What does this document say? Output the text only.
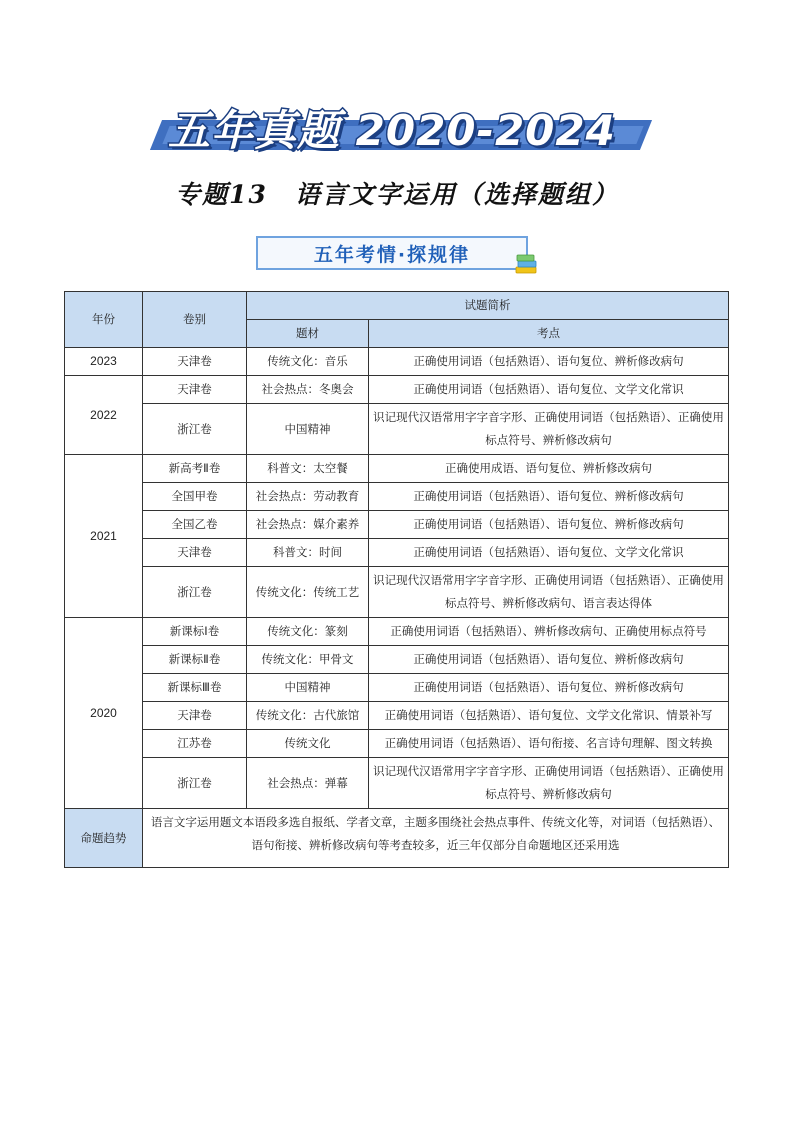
五年真题 2020-2024
专题13　语言文字运用（选择题组）
五年考情·探规律
年份	卷别	试题简析	
		题材	考点
2023	天津卷	传统文化：音乐	正确使用词语（包括熟语）、语句复位、辨析修改病句
2022	天津卷	社会热点：冬奥会	正确使用词语（包括熟语）、语句复位、文学文化常识
	浙江卷	中国精神	识记现代汉语常用字字音字形、正确使用词语（包括熟语）、正确使用标点符号、辨析修改病句
2021	新高考Ⅱ卷	科普文：太空餐	正确使用成语、语句复位、辨析修改病句
	全国甲卷	社会热点：劳动教育	正确使用词语（包括熟语）、语句复位、辨析修改病句
	全国乙卷	社会热点：媒介素养	正确使用词语（包括熟语）、语句复位、辨析修改病句
	天津卷	科普文：时间	正确使用词语（包括熟语）、语句复位、文学文化常识
	浙江卷	传统文化：传统工艺	识记现代汉语常用字字音字形、正确使用词语（包括熟语）、正确使用标点符号、辨析修改病句、语言表达得体
2020	新课标Ⅰ卷	传统文化：篆刻	正确使用词语（包括熟语）、辨析修改病句、正确使用标点符号
	新课标Ⅱ卷	传统文化：甲骨文	正确使用词语（包括熟语）、语句复位、辨析修改病句
	新课标Ⅲ卷	中国精神	正确使用词语（包括熟语）、语句复位、辨析修改病句
	天津卷	传统文化：古代旅馆	正确使用词语（包括熟语）、语句复位、文学文化常识、情景补写
	江苏卷	传统文化	正确使用词语（包括熟语）、语句衔接、名言诗句理解、图文转换
	浙江卷	社会热点：弹幕	识记现代汉语常用字字音字形、正确使用词语（包括熟语）、正确使用标点符号、辨析修改病句
命题趋势	语言文字运用题文本语段多选自报纸、学者文章，主题多围绕社会热点事件、传统文化等，对词语（包括熟语）、语句衔接、辨析修改病句等考查较多，近三年仅部分自命题地区还采用选		
